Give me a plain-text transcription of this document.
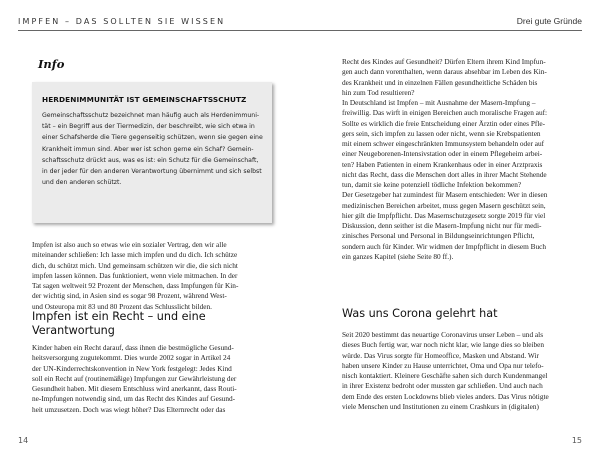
IMPFEN – DAS SOLLTEN SIE WISSEN
Info
HERDENIMMUNITÄT IST GEMEINSCHAFTSSCHUTZ
Gemeinschaftsschutz bezeichnet man häufig auch als Herdenimmuni-
tät – ein Begriff aus der Tiermedizin, der beschreibt, wie sich etwa in
einer Schafsherde die Tiere gegenseitig schützen, wenn sie gegen eine
Krankheit immun sind. Aber wer ist schon gerne ein Schaf? Gemein-
schaftsschutz drückt aus, was es ist: ein Schutz für die Gemeinschaft,
in der jeder für den anderen Verantwortung übernimmt und sich selbst
und den anderen schützt.
Impfen ist also auch so etwas wie ein sozialer Vertrag, den wir alle
miteinander schließen: Ich lasse mich impfen und du dich. Ich schütze
dich, du schützt mich. Und gemeinsam schützen wir die, die sich nicht
impfen lassen können. Das funktioniert, wenn viele mitmachen. In der
Tat sagen weltweit 92 Prozent der Menschen, dass Impfungen für Kin-
der wichtig sind, in Asien sind es sogar 98 Prozent, während West-
und Osteuropa mit 83 und 80 Prozent das Schlusslicht bilden.
Impfen ist ein Recht – und eine
Verantwortung
Kinder haben ein Recht darauf, dass ihnen die bestmögliche Gesund-
heitsversorgung zugutekommt. Dies wurde 2002 sogar in Artikel 24
der UN-Kinderrechtskonvention in New York festgelegt: Jedes Kind
soll ein Recht auf (routinemäßige) Impfungen zur Gewährleistung der
Gesundheit haben. Mit diesem Entschluss wird anerkannt, dass Routi-
ne-Impfungen notwendig sind, um das Recht des Kindes auf Gesund-
heit umzusetzen. Doch was wiegt höher? Das Elternrecht oder das
14
Drei gute Gründe
Recht des Kindes auf Gesundheit? Dürfen Eltern ihrem Kind Impfun-
gen auch dann vorenthalten, wenn daraus absehbar im Leben des Kin-
des Krankheit und in einzelnen Fällen gesundheitliche Schäden bis
hin zum Tod resultieren?
In Deutschland ist Impfen – mit Ausnahme der Masern-Impfung –
freiwillig. Das wirft in einigen Bereichen auch moralische Fragen auf:
Sollte es wirklich die freie Entscheidung einer Ärztin oder eines Pfle-
gers sein, sich impfen zu lassen oder nicht, wenn sie Krebspatienten
mit einem schwer eingeschränkten Immunsystem behandeln oder auf
einer Neugeborenen-Intensivstation oder in einem Pflegeheim arbei-
ten? Haben Patienten in einem Krankenhaus oder in einer Arztpraxis
nicht das Recht, dass die Menschen dort alles in ihrer Macht Stehende
tun, damit sie keine potenziell tödliche Infektion bekommen?
Der Gesetzgeber hat zumindest für Masern entschieden: Wer in diesen
medizinischen Bereichen arbeitet, muss gegen Masern geschützt sein,
hier gilt die Impfpflicht. Das Masernschutzgesetz sorgte 2019 für viel
Diskussion, denn seither ist die Masern-Impfung nicht nur für medi-
zinisches Personal und Personal in Bildungseinrichtungen Pflicht,
sondern auch für Kinder. Wir widmen der Impfpflicht in diesem Buch
ein ganzes Kapitel (siehe Seite 80 ff.).
Was uns Corona gelehrt hat
Seit 2020 bestimmt das neuartige Coronavirus unser Leben – und als
dieses Buch fertig war, war noch nicht klar, wie lange dies so bleiben
würde. Das Virus sorgte für Homeoffice, Masken und Abstand. Wir
haben unsere Kinder zu Hause unterrichtet, Oma und Opa nur telefo-
nisch kontaktiert. Kleinere Geschäfte sahen sich durch Kundenmangel
in ihrer Existenz bedroht oder mussten gar schließen. Und auch nach
dem Ende des ersten Lockdowns blieb vieles anders. Das Virus nötigte
viele Menschen und Institutionen zu einem Crashkurs in (digitalen)
15
